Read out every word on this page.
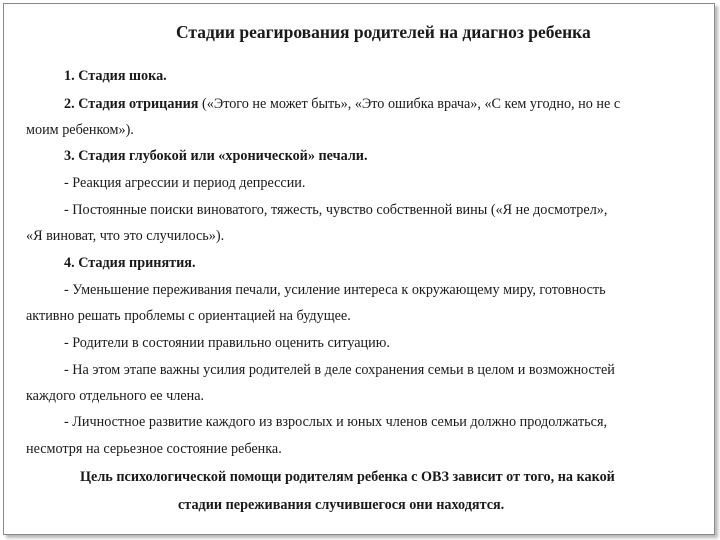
Стадии реагирования родителей на диагноз ребенка
1. Стадия шока.
2. Стадия отрицания («Этого не может быть», «Это ошибка врача», «С кем угодно, но не с
моим ребенком»).
3. Стадия глубокой или «хронической» печали.
- Реакция агрессии и период депрессии.
- Постоянные поиски виноватого, тяжесть, чувство собственной вины («Я не досмотрел»,
«Я виноват, что это случилось»).
4. Стадия принятия.
- Уменьшение переживания печали, усиление интереса к окружающему миру, готовность
активно решать проблемы с ориентацией на будущее.
- Родители в состоянии правильно оценить ситуацию.
- На этом этапе важны усилия родителей в деле сохранения семьи в целом и возможностей
каждого отдельного ее члена.
- Личностное развитие каждого из взрослых и юных членов семьи должно продолжаться,
несмотря на серьезное состояние ребенка.
Цель психологической помощи родителям ребенка с ОВЗ зависит от того, на какой
стадии переживания случившегося они находятся.
